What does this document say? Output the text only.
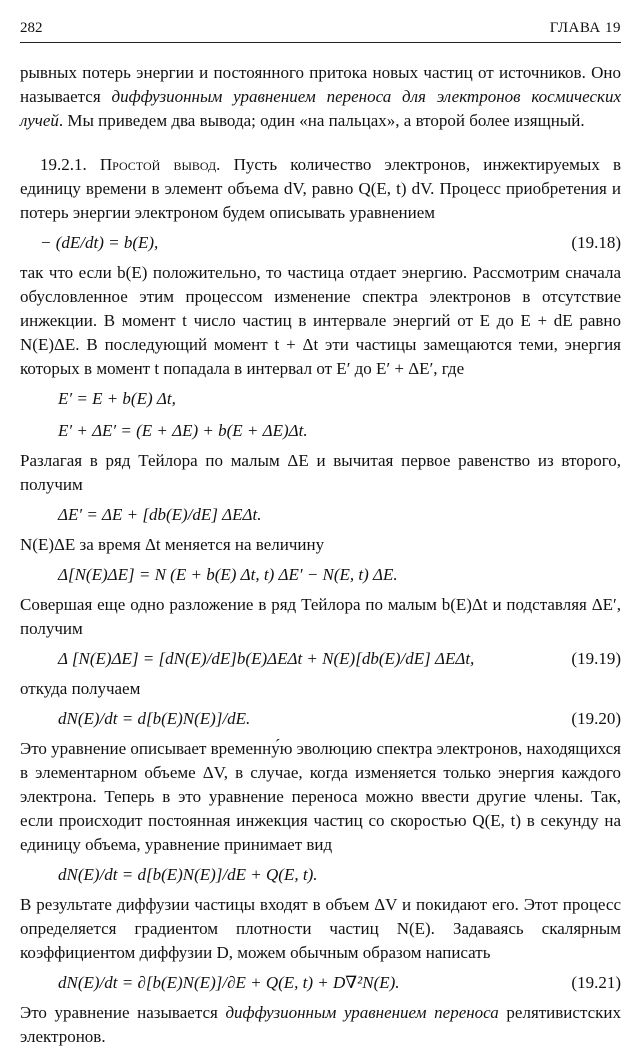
282	ГЛАВА 19

рывных потерь энергии и постоянного притока новых частиц от источников. Оно называется диффузионным уравнением переноса для электронов космических лучей. Мы приведем два вывода; один «на пальцах», а второй более изящный.

19.2.1. Простой вывод. Пусть количество электронов, инжектируемых в единицу времени в элемент объема dV, равно Q(E, t) dV. Процесс приобретения и потерь энергии электроном будем описывать уравнением

− (dE/dt) = b(E),	(19.18)

так что если b(E) положительно, то частица отдает энергию. Рассмотрим сначала обусловленное этим процессом изменение спектра электронов в отсутствие инжекции. В момент t число частиц в интервале энергий от E до E + dE равно N(E)ΔE. В последующий момент t + Δt эти частицы замещаются теми, энергия которых в момент t попадала в интервал от E′ до E′ + ΔE′, где

E′ = E + b(E) Δt,
E′ + ΔE′ = (E + ΔE) + b(E + ΔE)Δt.

Разлагая в ряд Тейлора по малым ΔE и вычитая первое равенство из второго, получим

ΔE′ = ΔE + [db(E)/dE] ΔEΔt.

N(E)ΔE за время Δt меняется на величину

Δ[N(E)ΔE] = N (E + b(E) Δt, t) ΔE′ − N(E, t) ΔE.

Совершая еще одно разложение в ряд Тейлора по малым b(E)Δt и подставляя ΔE′, получим

Δ [N(E)ΔE] = [dN(E)/dE]b(E)ΔEΔt + N(E)[db(E)/dE] ΔEΔt,	(19.19)

откуда получаем

dN(E)/dt = d[b(E)N(E)]/dE.	(19.20)

Это уравнение описывает временну́ю эволюцию спектра электронов, находящихся в элементарном объеме ΔV, в случае, когда изменяется только энергия каждого электрона. Теперь в это уравнение переноса можно ввести другие члены. Так, если происходит постоянная инжекция частиц со скоростью Q(E, t) в секунду на единицу объема, уравнение принимает вид

dN(E)/dt = d[b(E)N(E)]/dE + Q(E, t).

В результате диффузии частицы входят в объем ΔV и покидают его. Этот процесс определяется градиентом плотности частиц N(E). Задаваясь скалярным коэффициентом диффузии D, можем обычным образом написать

dN(E)/dt = ∂[b(E)N(E)]/∂E + Q(E, t) + D∇²N(E).	(19.21)

Это уравнение называется диффузионным уравнением переноса релятивистских электронов.
